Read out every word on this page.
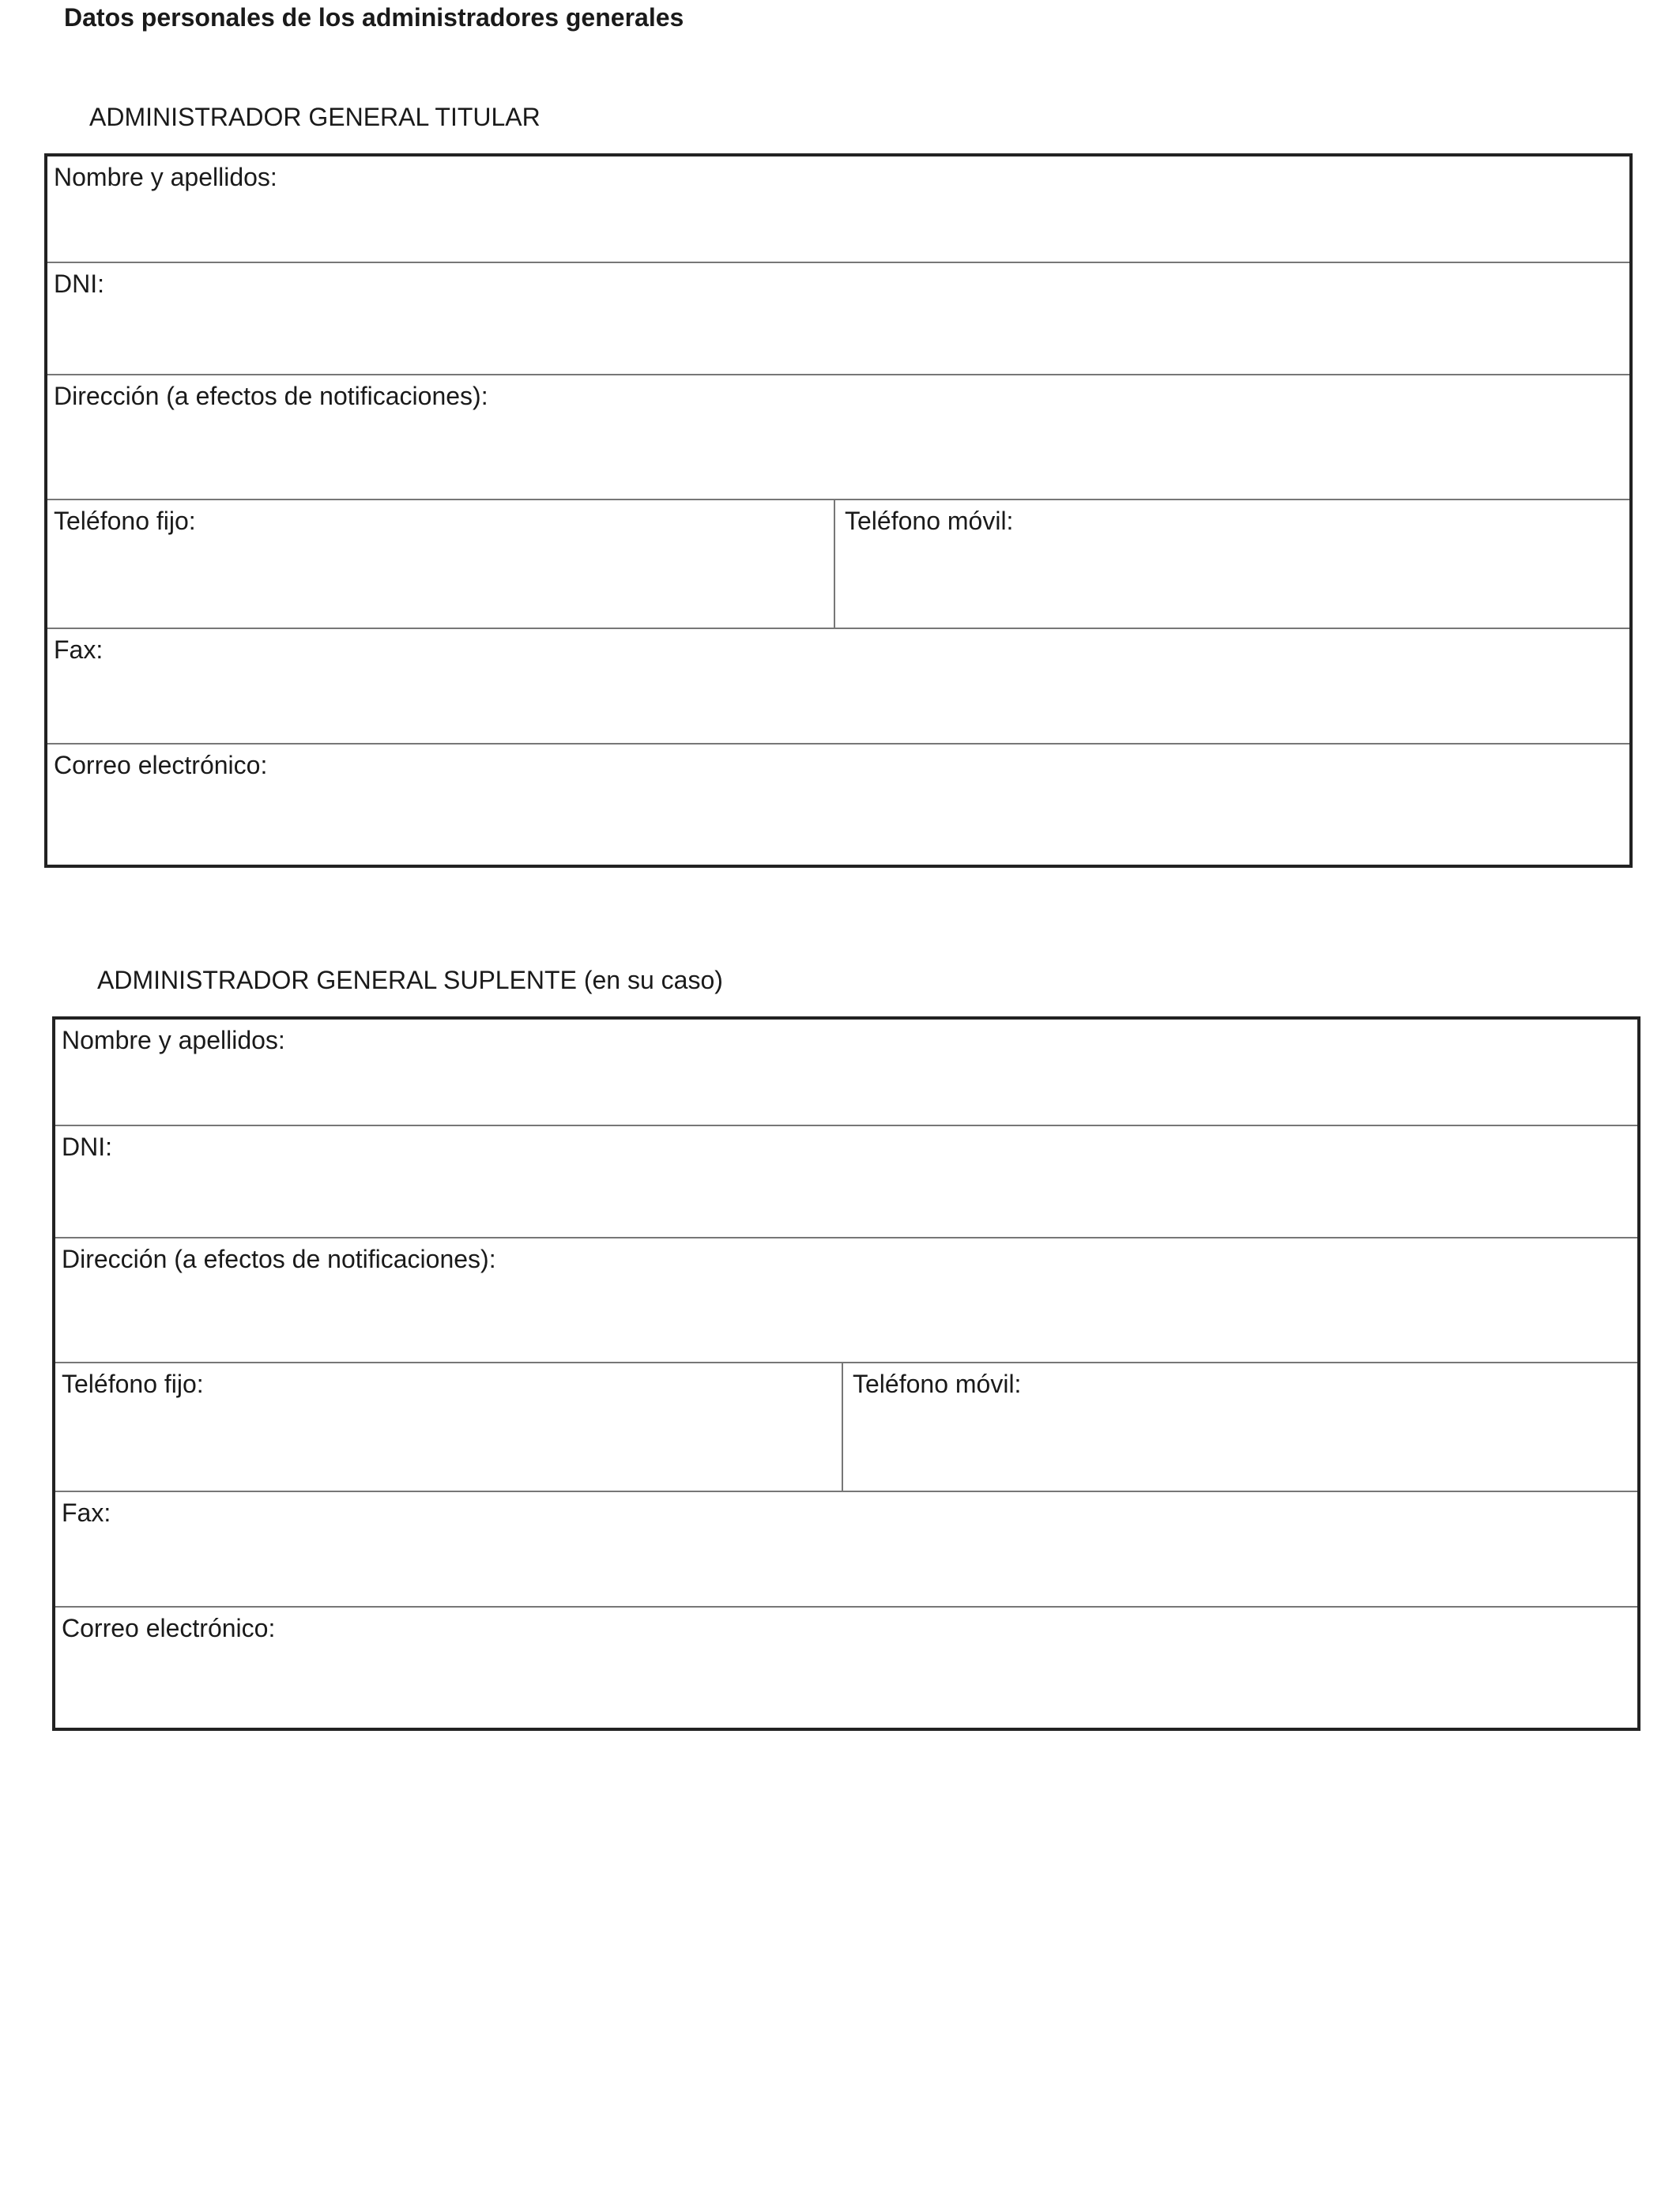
Datos personales de los administradores generales
ADMINISTRADOR GENERAL TITULAR
Nombre y apellidos:
DNI:
Dirección (a efectos de notificaciones):
Teléfono fijo:	Teléfono móvil:
Fax:
Correo electrónico:
ADMINISTRADOR GENERAL SUPLENTE (en su caso)
Nombre y apellidos:
DNI:
Dirección (a efectos de notificaciones):
Teléfono fijo:	Teléfono móvil:
Fax:
Correo electrónico:
